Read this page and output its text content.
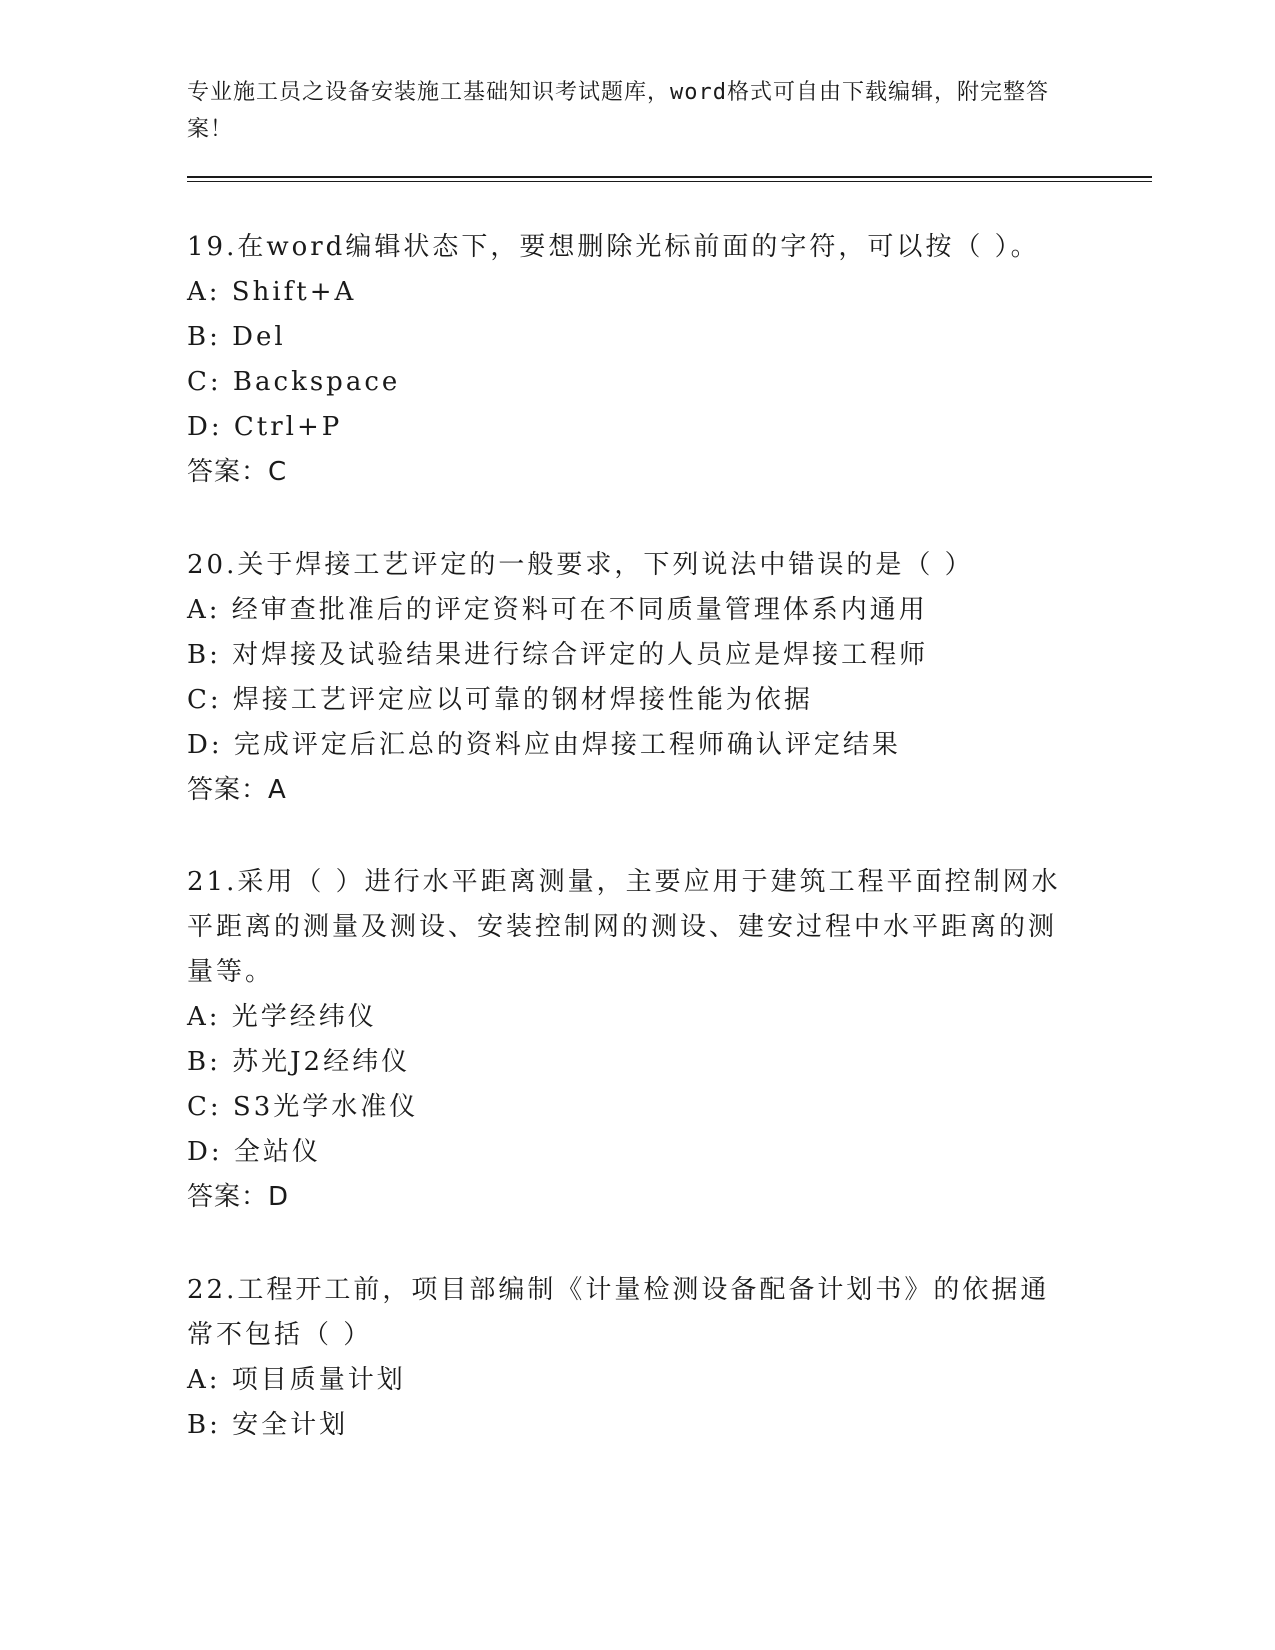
专业施工员之设备安装施工基础知识考试题库，word格式可自由下载编辑，附完整答案！
19.在word编辑状态下，要想删除光标前面的字符，可以按（ ）。
A: Shift+A
B: Del
C: Backspace
D: Ctrl+P
答案：C
20.关于焊接工艺评定的一般要求，下列说法中错误的是（ ）
A: 经审查批准后的评定资料可在不同质量管理体系内通用
B: 对焊接及试验结果进行综合评定的人员应是焊接工程师
C: 焊接工艺评定应以可靠的钢材焊接性能为依据
D: 完成评定后汇总的资料应由焊接工程师确认评定结果
答案：A
21.采用（ ）进行水平距离测量，主要应用于建筑工程平面控制网水平距离的测量及测设、安装控制网的测设、建安过程中水平距离的测量等。
A: 光学经纬仪
B: 苏光J2经纬仪
C: S3光学水准仪
D: 全站仪
答案：D
22.工程开工前，项目部编制《计量检测设备配备计划书》的依据通常不包括（ ）
A: 项目质量计划
B: 安全计划
